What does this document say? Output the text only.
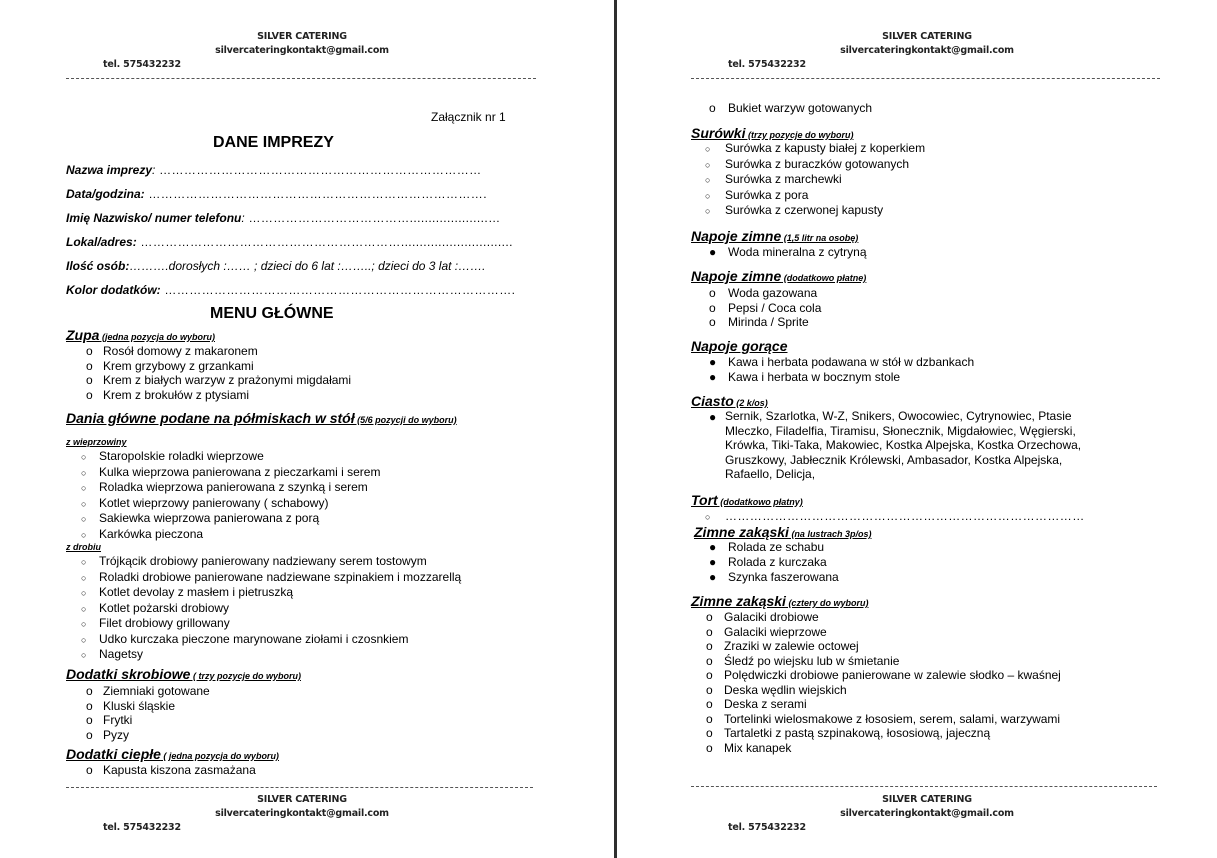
SILVER CATERING
silvercateringkontakt@gmail.com
tel. 575432232
Załącznik nr 1
DANE IMPREZY
Nazwa imprezy: ……………………………………………………………………
Data/godzina: ……………………………………………………………………….
Imię Nazwisko/ numer telefonu: ………………………………….....................…
Lokal/adres: ………………………………………………………..............................
Ilość osób:……….dorosłych :…… ; dzieci do 6 lat :……..; dzieci do 3 lat :…….
Kolor dodatków: ………………………………………………………………………….
MENU GŁÓWNE
Zupa (jedna pozycja do wyboru)
o Rosół domowy z makaronem
o Krem grzybowy z grzankami
o Krem z białych warzyw z prażonymi migdałami
o Krem z brokułów z ptysiami
Dania główne podane na półmiskach w stół (5/6 pozycji do wyboru)
z wieprzowiny
○ Staropolskie roladki wieprzowe
○ Kulka wieprzowa panierowana z pieczarkami i serem
○ Roladka wieprzowa panierowana z szynką i serem
○ Kotlet wieprzowy panierowany ( schabowy)
○ Sakiewka wieprzowa panierowana z porą
○ Karkówka pieczona
z drobiu
○ Trójkącik drobiowy panierowany nadziewany serem tostowym
○ Roladki drobiowe panierowane nadziewane szpinakiem i mozzarellą
○ Kotlet devolay z masłem i pietruszką
○ Kotlet pożarski drobiowy
○ Filet drobiowy grillowany
○ Udko kurczaka pieczone marynowane ziołami i czosnkiem
○ Nagetsy
Dodatki skrobiowe ( trzy pozycje do wyboru)
o Ziemniaki gotowane
o Kluski śląskie
o Frytki
o Pyzy
Dodatki ciepłe ( jedna pozycja do wyboru)
o Kapusta kiszona zasmażana
SILVER CATERING
silvercateringkontakt@gmail.com
tel. 575432232
SILVER CATERING
silvercateringkontakt@gmail.com
tel. 575432232
o Bukiet warzyw gotowanych
Surówki (trzy pozycje do wyboru)
○ Surówka z kapusty białej z koperkiem
○ Surówka z buraczków gotowanych
○ Surówka z marchewki
○ Surówka z pora
○ Surówka z czerwonej kapusty
Napoje zimne (1,5 litr na osobę)
● Woda mineralna z cytryną
Napoje zimne (dodatkowo płatne)
o Woda gazowana
o Pepsi / Coca cola
o Mirinda / Sprite
Napoje gorące
● Kawa i herbata podawana w stół w dzbankach
● Kawa i herbata w bocznym stole
Ciasto (2 k/os)
● Sernik, Szarlotka, W-Z, Snikers, Owocowiec, Cytrynowiec, Ptasie Mleczko, Filadelfia, Tiramisu, Słonecznik, Migdałowiec, Węgierski, Krówka, Tiki-Taka, Makowiec, Kostka Alpejska, Kostka Orzechowa, Gruszkowy, Jabłecznik Królewski, Ambasador, Kostka Alpejska, Rafaello, Delicja,
Tort (dodatkowo płatny)
○ ……………………………………………………………………………
Zimne zakąski (na lustrach 3p/os)
● Rolada ze schabu
● Rolada z kurczaka
● Szynka faszerowana
Zimne zakąski (cztery do wyboru)
o Galaciki drobiowe
o Galaciki wieprzowe
o Zraziki w zalewie octowej
o Śledź po wiejsku lub w śmietanie
o Polędwiczki drobiowe panierowane w zalewie słodko – kwaśnej
o Deska wędlin wiejskich
o Deska z serami
o Tortelinki wielosmakowe z łososiem, serem, salami, warzywami
o Tartaletki z pastą szpinakową, łososiową, jajeczną
o Mix kanapek
SILVER CATERING
silvercateringkontakt@gmail.com
tel. 575432232
